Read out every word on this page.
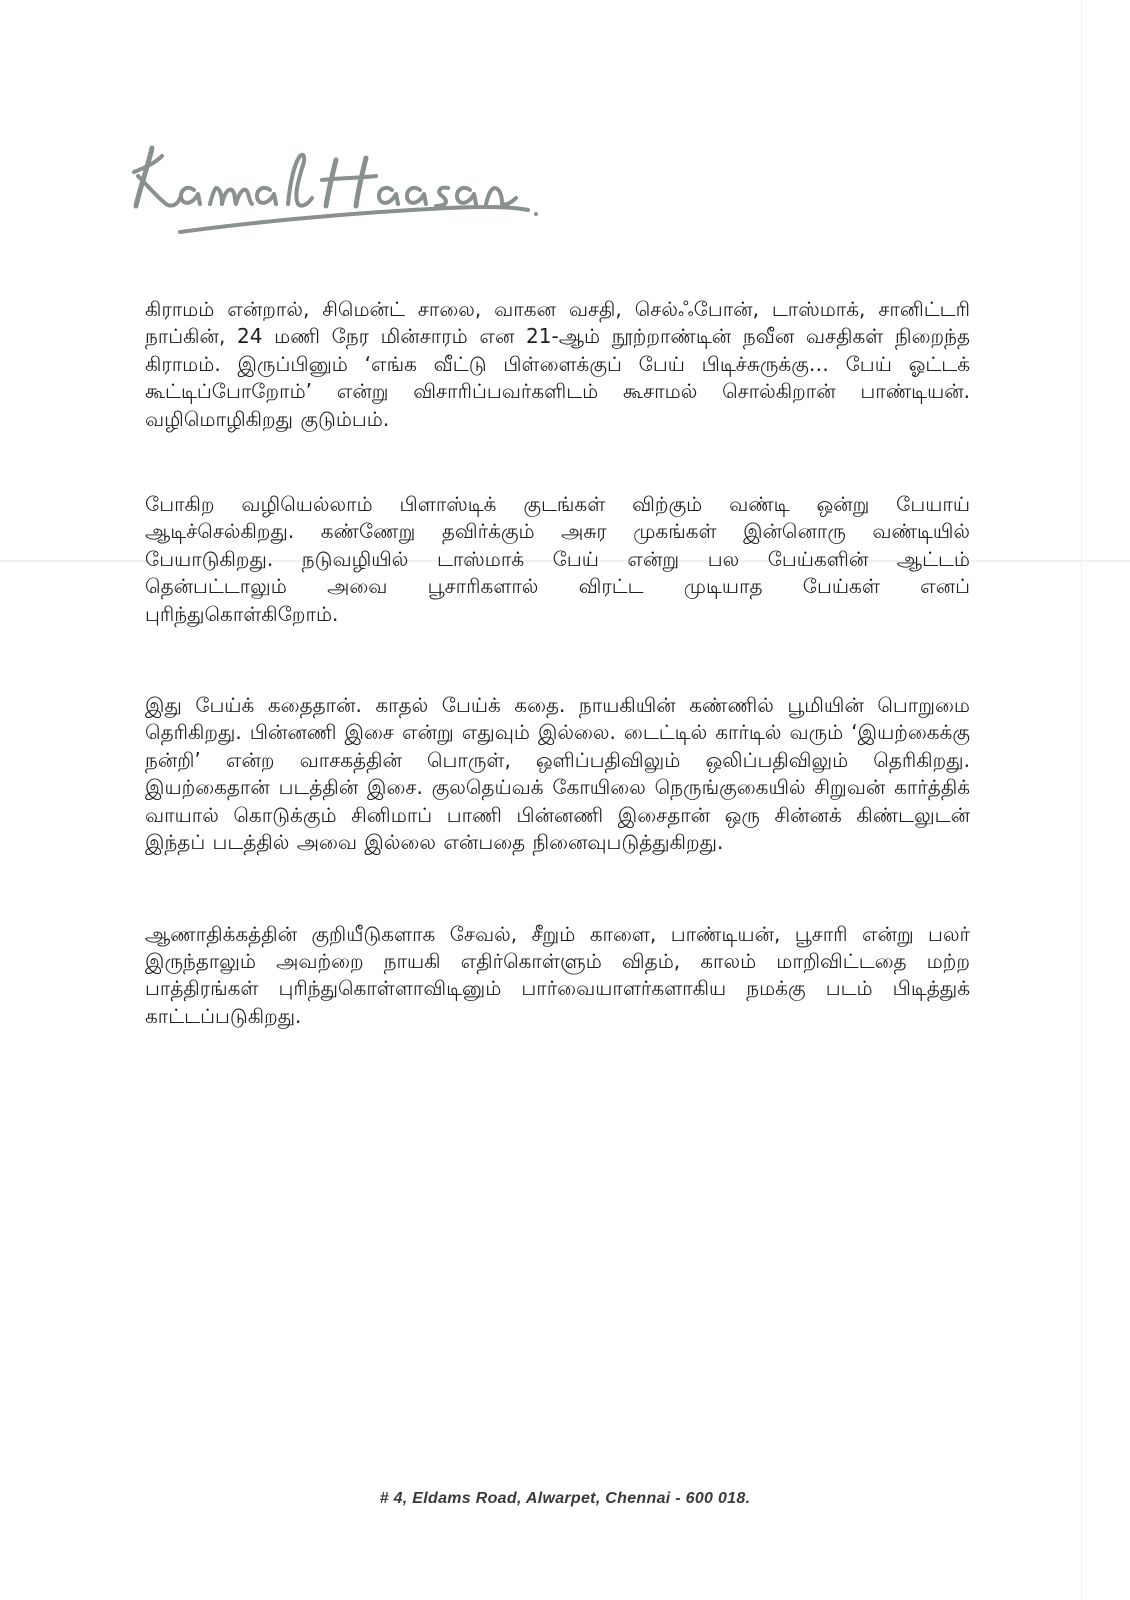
கிராமம் என்றால், சிமென்ட் சாலை, வாகன வசதி, செல்ஃபோன், டாஸ்மாக், சானிட்டரி நாப்கின், 24 மணி நேர மின்சாரம் என 21-ஆம் நூற்றாண்டின் நவீன வசதிகள் நிறைந்த கிராமம். இருப்பினும் ‘எங்க வீட்டு பிள்ளைக்குப் பேய் பிடிச்சுருக்கு… பேய் ஓட்டக் கூட்டிப்போறோம்’ என்று விசாரிப்பவர்களிடம் கூசாமல் சொல்கிறான் பாண்டியன். வழிமொழிகிறது குடும்பம்.

போகிற வழியெல்லாம் பிளாஸ்டிக் குடங்கள் விற்கும் வண்டி ஒன்று பேயாய் ஆடிச்செல்கிறது. கண்ணேறு தவிர்க்கும் அசுர முகங்கள் இன்னொரு வண்டியில் பேயாடுகிறது. நடுவழியில் டாஸ்மாக் பேய் என்று பல பேய்களின் ஆட்டம் தென்பட்டாலும் அவை பூசாரிகளால் விரட்ட முடியாத பேய்கள் எனப் புரிந்துகொள்கிறோம்.

இது பேய்க் கதைதான். காதல் பேய்க் கதை. நாயகியின் கண்ணில் பூமியின் பொறுமை தெரிகிறது. பின்னணி இசை என்று எதுவும் இல்லை. டைட்டில் கார்டில் வரும் ‘இயற்கைக்கு நன்றி’ என்ற வாசகத்தின் பொருள், ஒளிப்பதிவிலும் ஒலிப்பதிவிலும் தெரிகிறது. இயற்கைதான் படத்தின் இசை. குலதெய்வக் கோயிலை நெருங்குகையில் சிறுவன் கார்த்திக் வாயால் கொடுக்கும் சினிமாப் பாணி பின்னணி இசைதான் ஒரு சின்னக் கிண்டலுடன் இந்தப் படத்தில் அவை இல்லை என்பதை நினைவுபடுத்துகிறது.

ஆணாதிக்கத்தின் குறியீடுகளாக சேவல், சீறும் காளை, பாண்டியன், பூசாரி என்று பலர் இருந்தாலும் அவற்றை நாயகி எதிர்கொள்ளும் விதம், காலம் மாறிவிட்டதை மற்ற பாத்திரங்கள் புரிந்துகொள்ளாவிடினும் பார்வையாளர்களாகிய நமக்கு படம் பிடித்துக் காட்டப்படுகிறது.

# 4, Eldams Road, Alwarpet, Chennai - 600 018.
